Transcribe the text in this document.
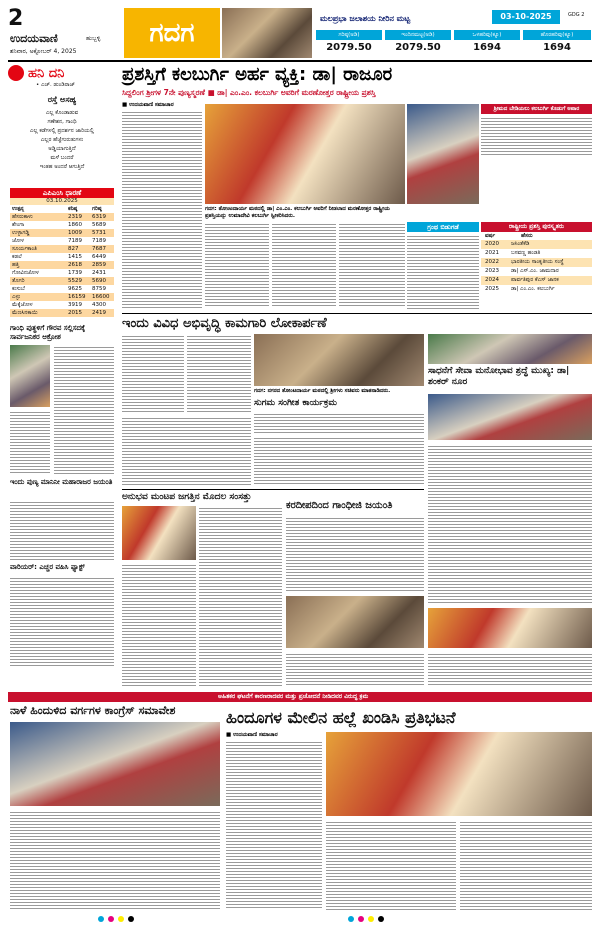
2
ಉದಯವಾಣಿ	ಹುಬ್ಬಳ್ಳಿ
ಶನಿವಾರ, ಅಕ್ಟೋಬರ್ 4, 2025
ಗದಗ	ಮಲಪ್ರಭಾ ಜಲಾಶಯ ನೀರಿನ ಮಟ್ಟ	03-10-2025	GDG 2
ಗರಿಷ್ಠ(ಅಡಿ)
2079.50
ಇಂದಿನಮಟ್ಟ(ಅಡಿ)
2079.50
ಒಳಹರಿವು(ಕ್ಯೂ)
1694
ಹೊರಹರಿವು(ಕ್ಯೂ)
1694
ಹನಿ ದನಿ
• ಎಚ್. ಡುಂಡಿರಾಜ್
ರಸ್ತೆ ಅಸಹ್ಯ
ಎಲ್ಲ ಕೊಂಡಾಡುವ
ಗಣೇಶನ, ಗಾಂಧಿ
ಎಲ್ಲ ಕಡೆಗಳಲ್ಲಿ ಪ್ರದರ್ಶನ ಜಾರಿಯಲ್ಲಿ
ಎಲ್ಲರ ಹೆಜ್ಜೆಗುರುತುಗಳು
ಅಡ್ಡಿಯಾಗುತ್ತಿದೆ
ಮಳೆ ಬಂದರೆ
ಇಂತಹ ಅಂದರೆ ಆಗುತ್ತಿದೆ
ಎಪಿಎಂಸಿ ಧಾರಣೆ
03.10.2025
ಉತ್ಪನ್ನ	ಕನಿಷ್ಠ	ಗರಿಷ್ಠ
ಹೆಸರುಕಾಳು	2319 6319
ಶೇಂಗಾ	1860 5689
ಉಳ್ಳಾಗಡ್ಡಿ	1009 5731
ಜೋಳ	7189 7189
ಸೂರ್ಯಕಾಂತಿ	827 7687
ಕಡಲೆ	1415 6449
ಹತ್ತಿ	2618 2859
ಗೋವಿನಜೋಳ	1739 2431
ತೊಗರಿ	5529 5690
ಕುಸುಬೆ	9625 8759
ಎಳ್ಳು	16159 16600
ಮೆಕ್ಕೆಜೋಳ	3919 4300
ಮೆಣಸಿನಕಾಯಿ	2015 2419
ಗಾಂಧಿ ಪುತ್ಥಳಿಗೆ ಗೌರವ ಸಲ್ಲಿಸದಕ್ಕೆ ಸಾರ್ವಜನಿಕರ ಆಕ್ರೋಶ
ಇಂದು ಪುಣ್ಯ ಮಾನಿನೀ ಮಹಾರಾಜರ ಜಯಂತಿ
ವಾರಿಯರ್: ಎಚ್ಚರ ವಹಿಸಿ ಫ್ಯಾಕ್ಟ್
ಪ್ರಶಸ್ತಿಗೆ ಕಲಬುರ್ಗಿ ಅರ್ಹ ವ್ಯಕ್ತಿ: ಡಾ| ರಾಜೂರ
ಸಿದ್ದಲಿಂಗ ಶ್ರೀಗಳ 7ನೇ ಪುಣ್ಯಸ್ಮರಣೆ ■ ಡಾ| ಎಂ.ಎಂ. ಕಲಬುರ್ಗಿ ಅವರಿಗೆ ಮರಣೋತ್ತರ ರಾಷ್ಟ್ರೀಯ ಪ್ರಶಸ್ತಿ
■ ಉದಯವಾಣಿ ಸಮಾಚಾರ
ಗದಗ: ತೋಂಟದಾರ್ಯ ಮಠದಲ್ಲಿ ಡಾ| ಎಂ.ಎಂ. ಕಲಬುರ್ಗಿ ಅವರಿಗೆ ನೀಡಲಾದ ಮರಣೋತ್ತರ ರಾಷ್ಟ್ರೀಯ ಪ್ರಶಸ್ತಿಯನ್ನು ಉಮಾದೇವಿ ಕಲಬುರ್ಗಿ ಸ್ವೀಕರಿಸಿದರು.
ಶ್ರೀಮದ ಬೇಡಿಯಲು ಕಲಬುರ್ಗಿ ಕೊಡುಗೆ ಅಪಾರ
ಗ್ರಂಥ ಬಿಡುಗಡೆ	ರಾಷ್ಟ್ರೀಯ ಪ್ರಶಸ್ತಿ ಪುರಸ್ಕೃತರು
ವರ್ಷ	ಹೆಸರು
2020 ಜಸಿಂತೆಕೆಡಿ
2021 ಬಸವಣ್ಣ ಹಂಡತಿ
2022 ಭಾರತೀಯ ಸಾಂಕೃತೀಯ ಸಂಸ್ಥೆ
2023 ಡಾ| ಎಸ್.ಎಂ. ಜಾಮದಾರ
2024 ಪಾರ್ವತಿಪುರ ಕೆಎಸ್ ಜಾನಕ
2025 ಡಾ| ಎಂ.ಎಂ. ಕಲಬುರ್ಗಿ
ಇಂದು ವಿವಿಧ ಅಭಿವೃದ್ಧಿ ಕಾಮಗಾರಿ ಲೋಕಾರ್ಪಣೆ
ಗದಗ: ನಗರದ ತೋಂಟದಾರ್ಯ ಮಠದಲ್ಲಿ ಶ್ರೀಗಳು ಸಚಿವರು ಮಾತನಾಡಿದರು.
ಸುಗಮ ಸಂಗೀತ ಕಾರ್ಯಕ್ರಮ
ಸಾಧನೆಗೆ ಸೇವಾ ಮನೋಭಾವ ಶ್ರದ್ಧೆ ಮುಖ್ಯ: ಡಾ| ಶಂಕರ್ ನೂರ
ಅನುಭವ ಮಂಟಪ ಜಗತ್ತಿನ ಮೊದಲ ಸಂಸತ್ತು
ಕರದೀಪದಿಂದ ಗಾಂಧೀಜಿ ಜಯಂತಿ
ಅಹಿತಕರ ಘಟನೆಗೆ ಕಾರಣರಾದವರ ಮತ್ತು ಪ್ರಚೋದನೆ ನೀಡಿದವರ ವಿರುದ್ಧ ಕ್ರಮ
ನಾಳೆ ಹಿಂದುಳಿದ ವರ್ಗಗಳ ಕಾಂಗ್ರೆಸ್ ಸಮಾವೇಶ	ಹಿಂದೂಗಳ ಮೇಲಿನ ಹಲ್ಲೆ ಖಂಡಿಸಿ ಪ್ರತಿಭಟನೆ
■ ಉದಯವಾಣಿ ಸಮಾಚಾರ
